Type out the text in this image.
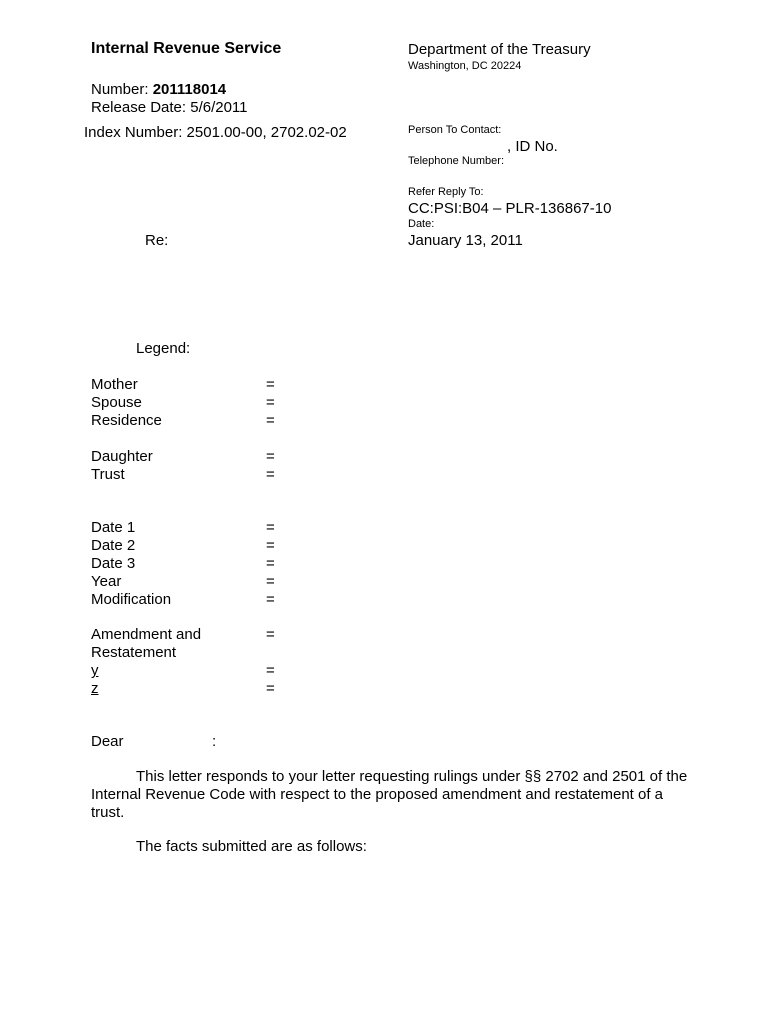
Internal Revenue Service
Number: 201118014
Release Date: 5/6/2011
Index Number: 2501.00-00, 2702.02-02
Re:
Department of the Treasury
Washington, DC 20224
Person To Contact:
, ID No.
Telephone Number:
Refer Reply To:
CC:PSI:B04 – PLR-136867-10
Date:
January 13, 2011
Legend:
Mother	=
Spouse	=
Residence	=
Daughter	=
Trust	=
Date 1	=
Date 2	=
Date 3	=
Year	=
Modification	=
Amendment and	=
Restatement
y	=
z	=
Dear	:

This letter responds to your letter requesting rulings under §§ 2702 and 2501 of the Internal Revenue Code with respect to the proposed amendment and restatement of a trust.

The facts submitted are as follows:
